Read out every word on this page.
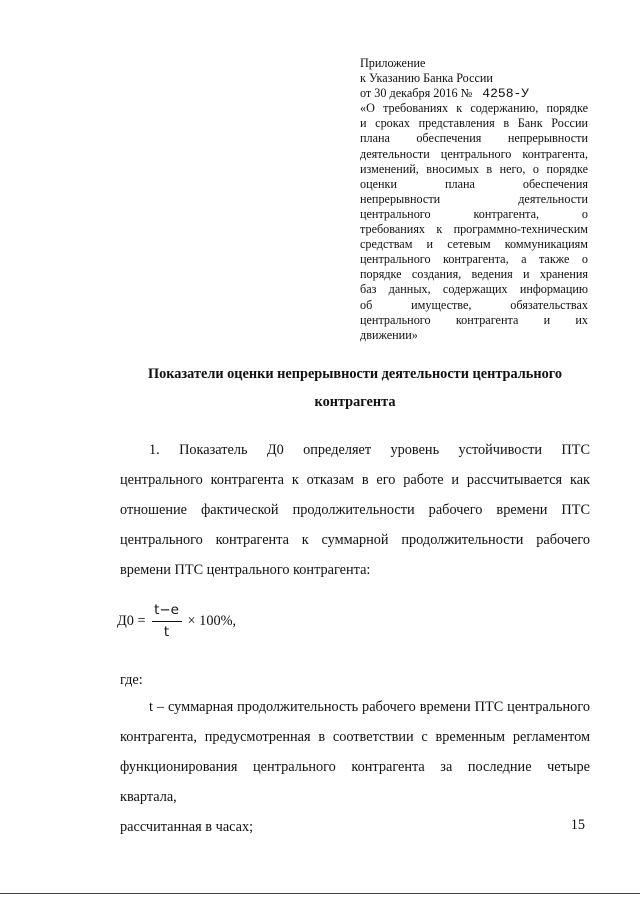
Приложение
к Указанию Банка России
от 30 декабря 2016 № 4258-У
«О требованиях к содержанию, порядке
и сроках представления в Банк России
плана обеспечения непрерывности
деятельности центрального контрагента,
изменений, вносимых в него, о порядке
оценки плана обеспечения
непрерывности деятельности
центрального контрагента, о
требованиях к программно-техническим
средствам и сетевым коммуникациям
центрального контрагента, а также о
порядке создания, ведения и хранения
баз данных, содержащих информацию
об имуществе, обязательствах
центрального контрагента и их
движении»
Показатели оценки непрерывности деятельности центрального
контрагента
1. Показатель Д0 определяет уровень устойчивости ПТС
центрального контрагента к отказам в его работе и рассчитывается как
отношение фактической продолжительности рабочего времени ПТС
центрального контрагента к суммарной продолжительности рабочего
времени ПТС центрального контрагента:
$Д0 = \frac{t-e}{t} \times 100\%$,
где:
t – суммарная продолжительность рабочего времени ПТС центрального
контрагента, предусмотренная в соответствии с временным регламентом
функционирования центрального контрагента за последние четыре квартала,
рассчитанная в часах;	15
